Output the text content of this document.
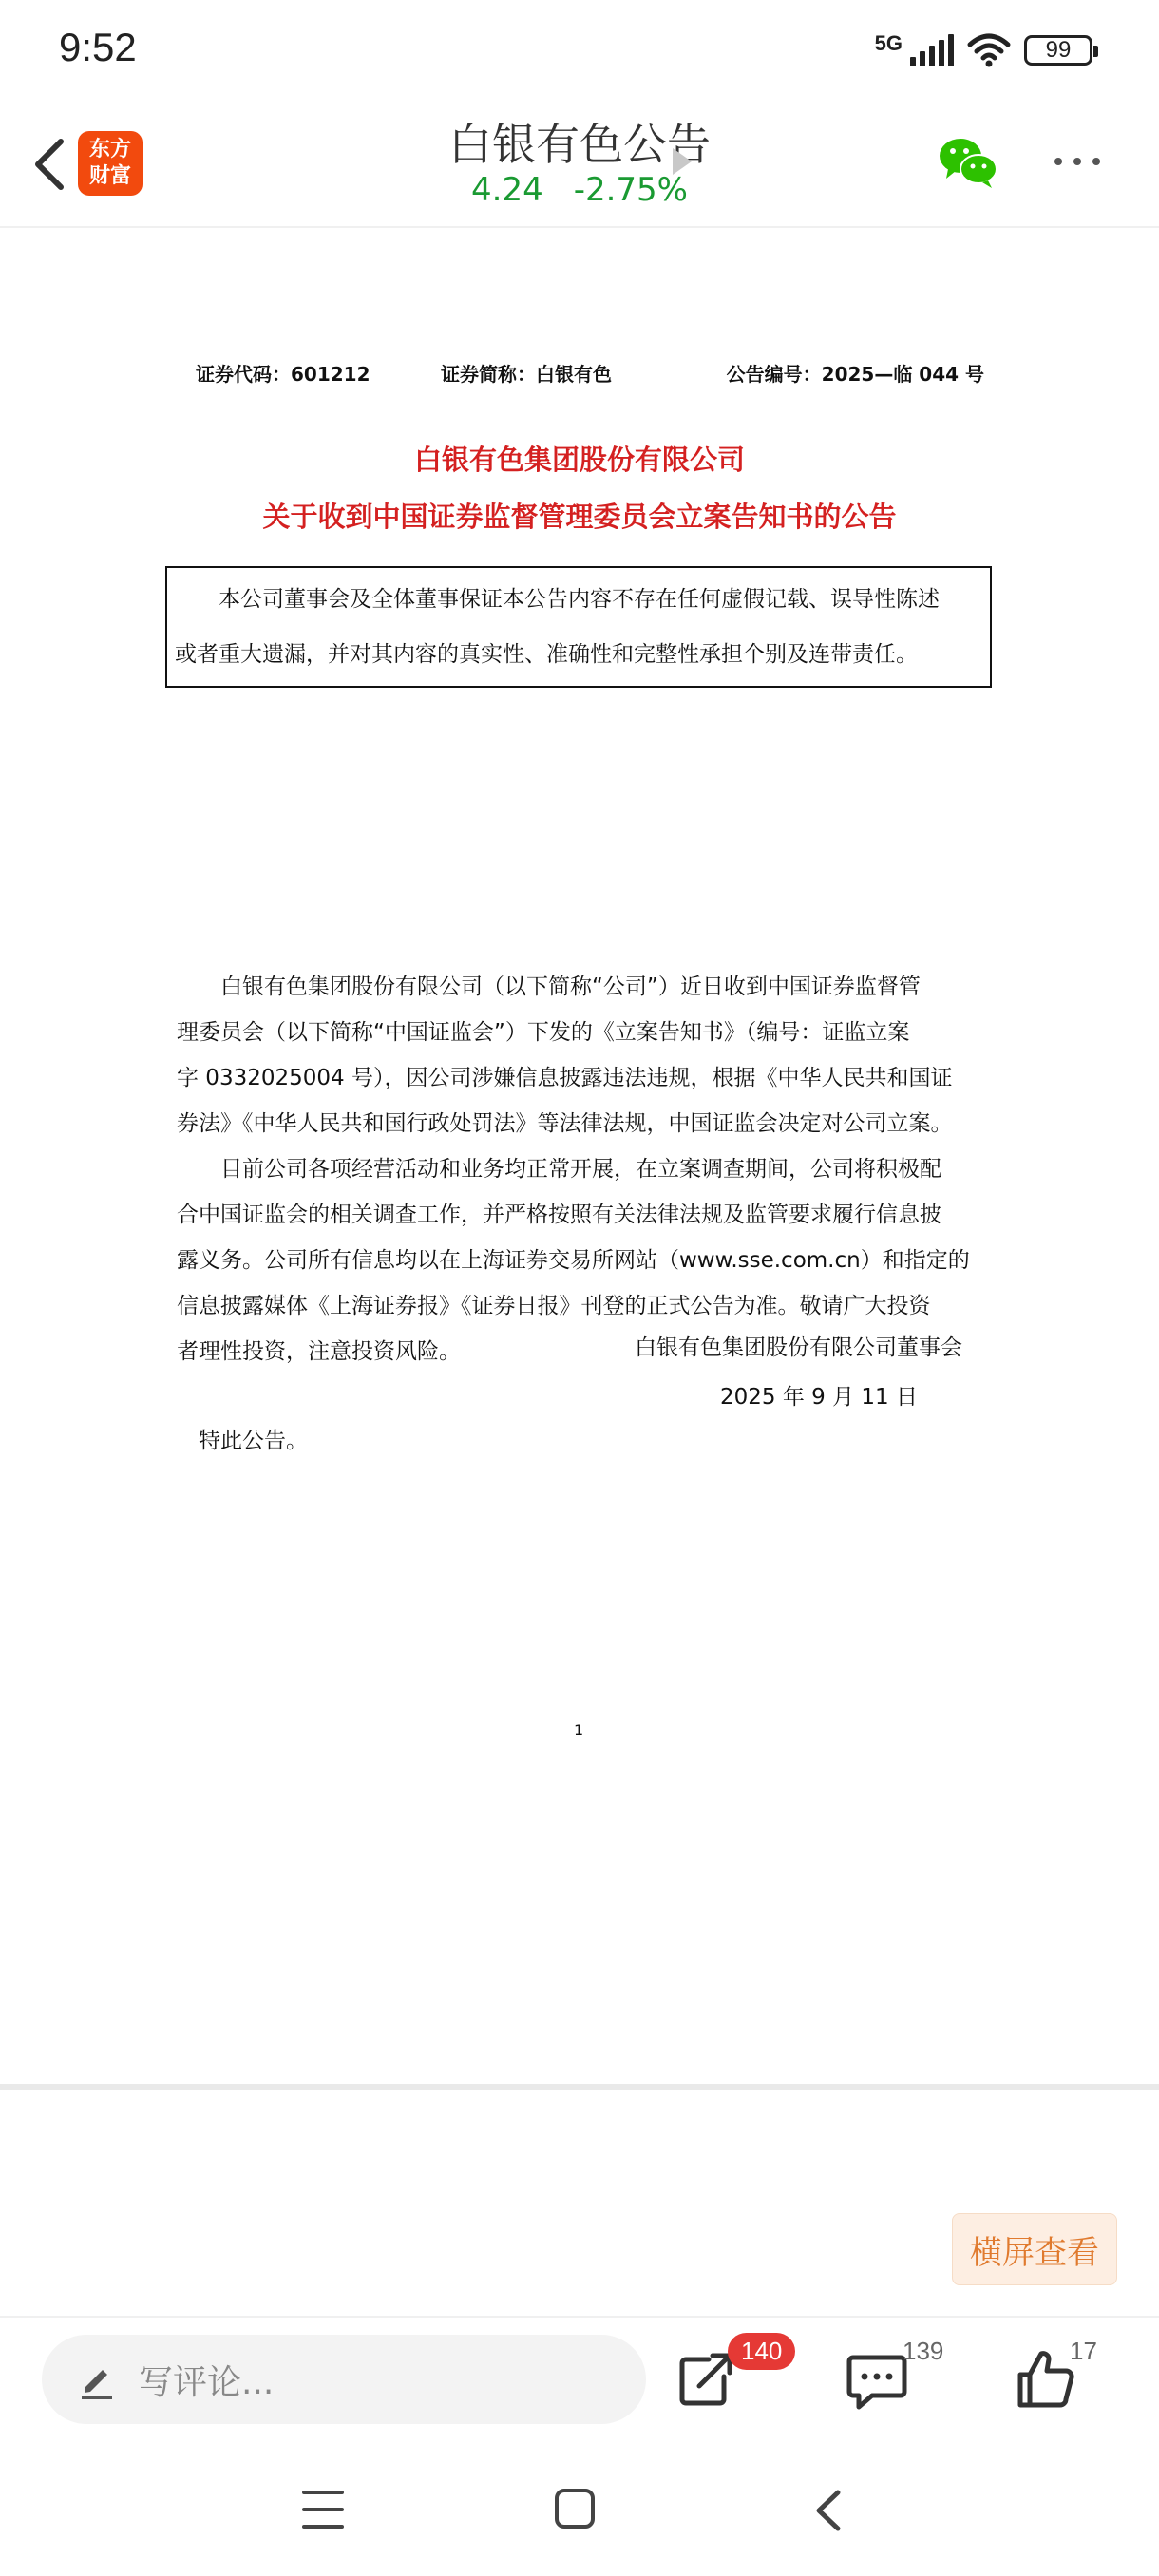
9:52	5G	99
东方
财富
白银有色公告
4.24 -2.75%
证券代码：601212	证券简称：白银有色	公告编号：2025—临 044 号
白银有色集团股份有限公司
关于收到中国证券监督管理委员会立案告知书的公告
　　本公司董事会及全体董事保证本公告内容不存在任何虚假记载、误导性陈述
或者重大遗漏，并对其内容的真实性、准确性和完整性承担个别及连带责任。
　　白银有色集团股份有限公司（以下简称“公司”）近日收到中国证券监督管
理委员会（以下简称“中国证监会”）下发的《立案告知书》（编号：证监立案
字 0332025004 号），因公司涉嫌信息披露违法违规，根据《中华人民共和国证
券法》《中华人民共和国行政处罚法》等法律法规，中国证监会决定对公司立案。
　　目前公司各项经营活动和业务均正常开展，在立案调查期间，公司将积极配
合中国证监会的相关调查工作，并严格按照有关法律法规及监管要求履行信息披
露义务。公司所有信息均以在上海证券交易所网站（www.sse.com.cn）和指定的
信息披露媒体《上海证券报》《证券日报》刊登的正式公告为准。敬请广大投资
者理性投资，注意投资风险。
　特此公告。
白银有色集团股份有限公司董事会
2025 年 9 月 11 日
1
横屏查看
写评论...
140	139	17
